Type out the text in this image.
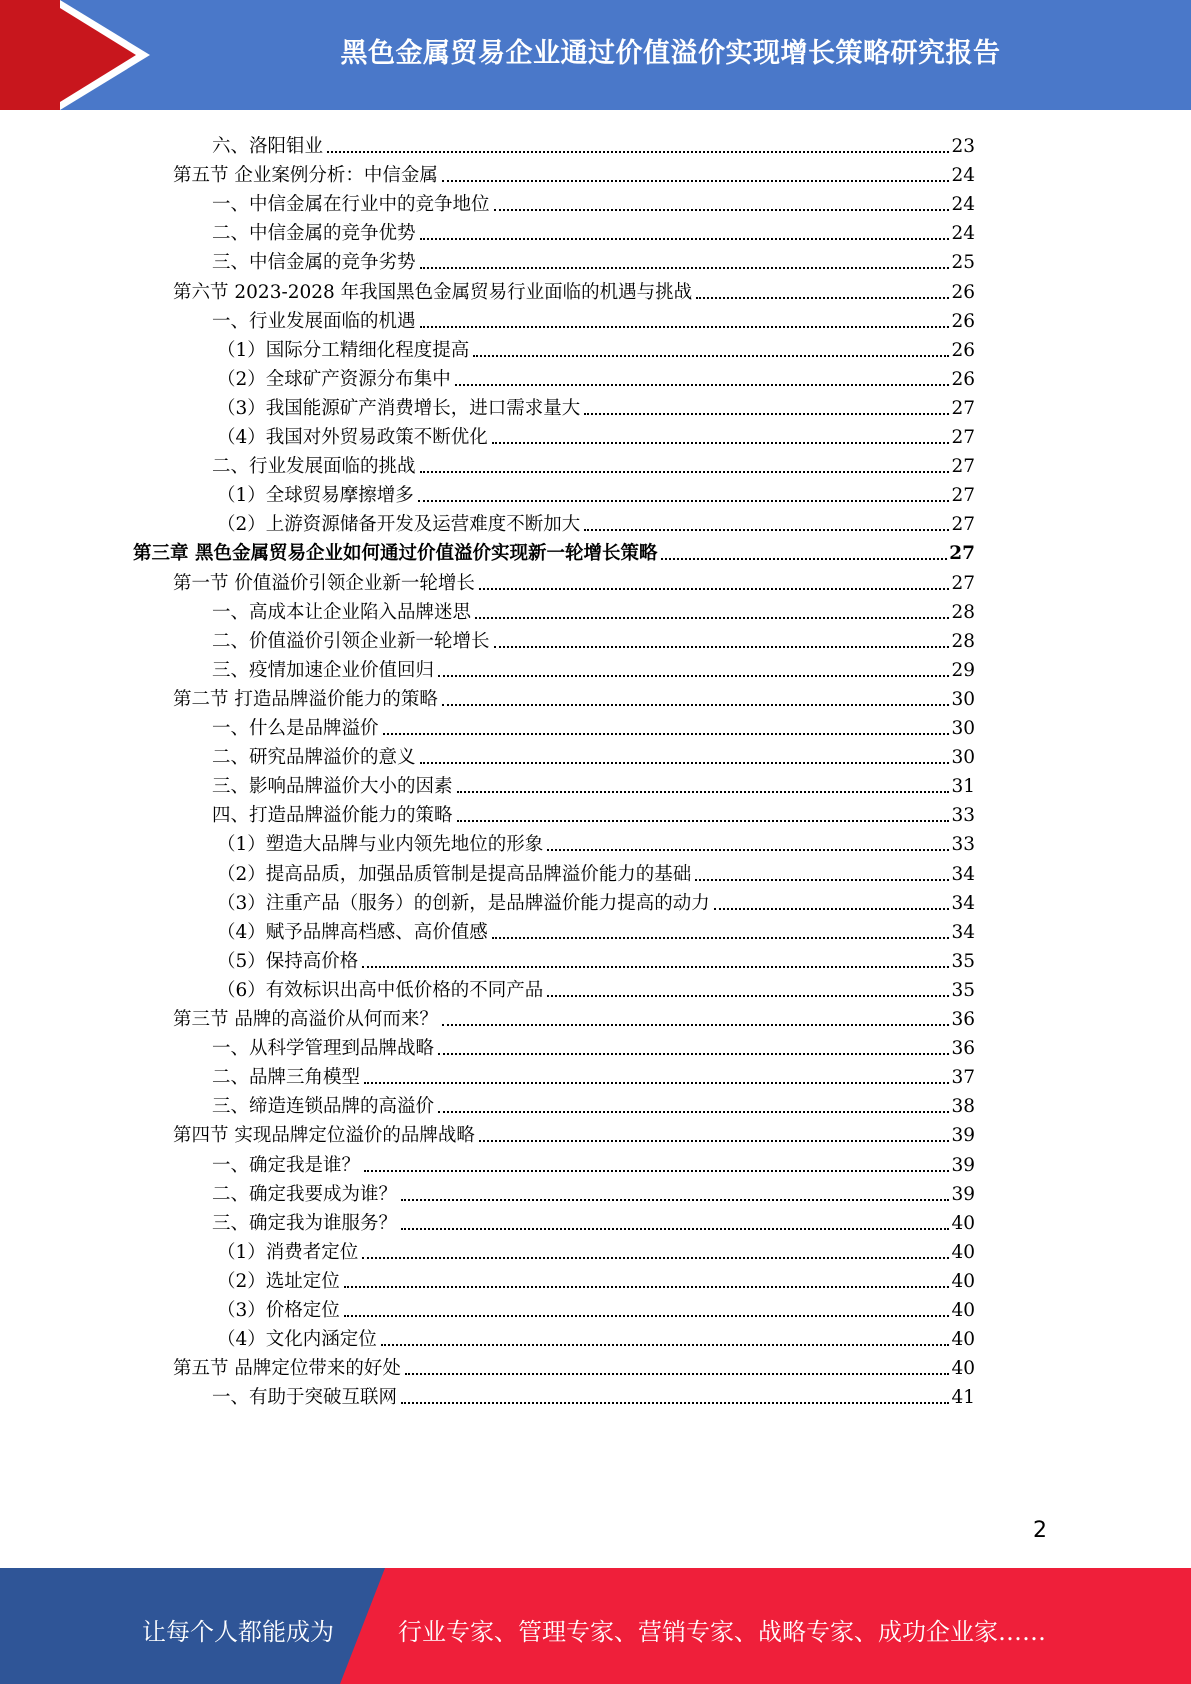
黑色金属贸易企业通过价值溢价实现增长策略研究报告
六、洛阳钼业	23
第五节 企业案例分析：中信金属	24
一、中信金属在行业中的竞争地位	24
二、中信金属的竞争优势	24
三、中信金属的竞争劣势	25
第六节 2023-2028 年我国黑色金属贸易行业面临的机遇与挑战	26
一、行业发展面临的机遇	26
（1）国际分工精细化程度提高	26
（2）全球矿产资源分布集中	26
（3）我国能源矿产消费增长，进口需求量大	27
（4）我国对外贸易政策不断优化	27
二、行业发展面临的挑战	27
（1）全球贸易摩擦增多	27
（2）上游资源储备开发及运营难度不断加大	27
第三章 黑色金属贸易企业如何通过价值溢价实现新一轮增长策略	27
第一节 价值溢价引领企业新一轮增长	27
一、高成本让企业陷入品牌迷思	28
二、价值溢价引领企业新一轮增长	28
三、疫情加速企业价值回归	29
第二节 打造品牌溢价能力的策略	30
一、什么是品牌溢价	30
二、研究品牌溢价的意义	30
三、影响品牌溢价大小的因素	31
四、打造品牌溢价能力的策略	33
（1）塑造大品牌与业内领先地位的形象	33
（2）提高品质，加强品质管制是提高品牌溢价能力的基础	34
（3）注重产品（服务）的创新，是品牌溢价能力提高的动力	34
（4）赋予品牌高档感、高价值感	34
（5）保持高价格	35
（6）有效标识出高中低价格的不同产品	35
第三节 品牌的高溢价从何而来？	36
一、从科学管理到品牌战略	36
二、品牌三角模型	37
三、缔造连锁品牌的高溢价	38
第四节 实现品牌定位溢价的品牌战略	39
一、确定我是谁？	39
二、确定我要成为谁？	39
三、确定我为谁服务？	40
（1）消费者定位	40
（2）选址定位	40
（3）价格定位	40
（4）文化内涵定位	40
第五节 品牌定位带来的好处	40
一、有助于突破互联网	41
2
让每个人都能成为	行业专家、管理专家、营销专家、战略专家、成功企业家……
